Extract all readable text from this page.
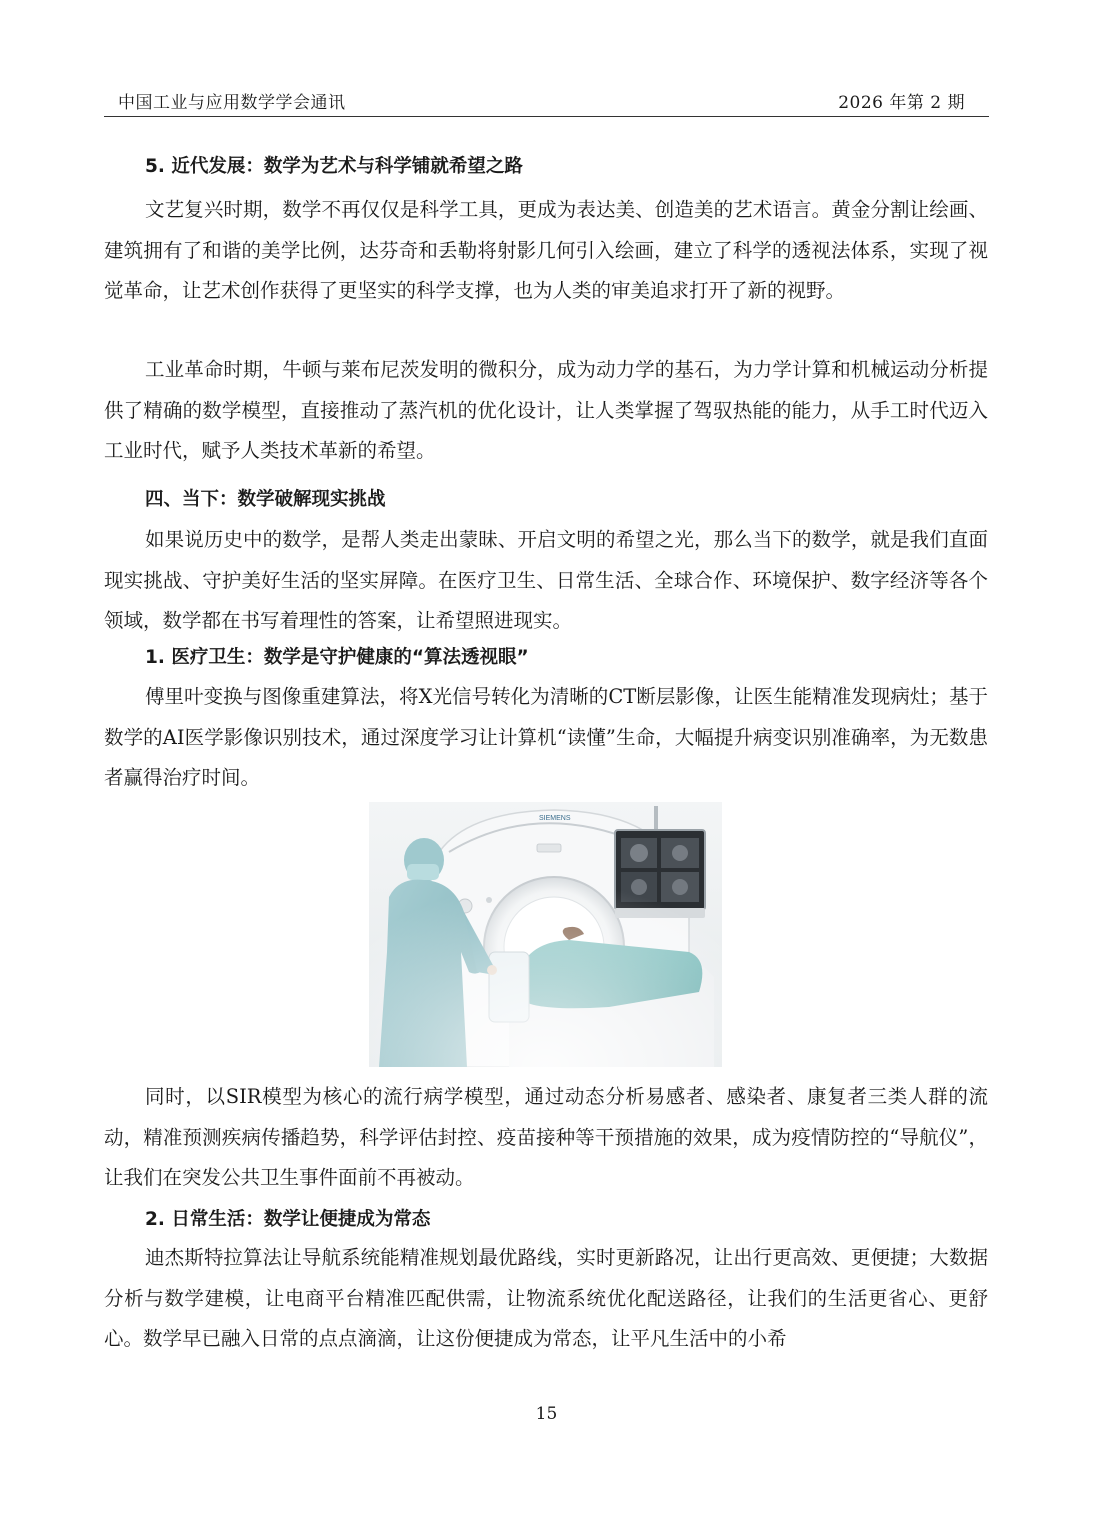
中国工业与应用数学学会通讯	2026 年第 2 期
5. 近代发展：数学为艺术与科学铺就希望之路

文艺复兴时期，数学不再仅仅是科学工具，更成为表达美、创造美的艺术语言。黄金分割让绘画、建筑拥有了和谐的美学比例，达芬奇和丢勒将射影几何引入绘画，建立了科学的透视法体系，实现了视觉革命，让艺术创作获得了更坚实的科学支撑，也为人类的审美追求打开了新的视野。

工业革命时期，牛顿与莱布尼茨发明的微积分，成为动力学的基石，为力学计算和机械运动分析提供了精确的数学模型，直接推动了蒸汽机的优化设计，让人类掌握了驾驭热能的能力，从手工时代迈入工业时代，赋予人类技术革新的希望。

四、当下：数学破解现实挑战

如果说历史中的数学，是帮人类走出蒙昧、开启文明的希望之光，那么当下的数学，就是我们直面现实挑战、守护美好生活的坚实屏障。在医疗卫生、日常生活、全球合作、环境保护、数字经济等各个领域，数学都在书写着理性的答案，让希望照进现实。

1. 医疗卫生：数学是守护健康的“算法透视眼”

傅里叶变换与图像重建算法，将X光信号转化为清晰的CT断层影像，让医生能精准发现病灶；基于数学的AI医学影像识别技术，通过深度学习让计算机“读懂”生命，大幅提升病变识别准确率，为无数患者赢得治疗时间。

同时，以SIR模型为核心的流行病学模型，通过动态分析易感者、感染者、康复者三类人群的流动，精准预测疾病传播趋势，科学评估封控、疫苗接种等干预措施的效果，成为疫情防控的“导航仪”，让我们在突发公共卫生事件面前不再被动。

2. 日常生活：数学让便捷成为常态

迪杰斯特拉算法让导航系统能精准规划最优路线，实时更新路况，让出行更高效、更便捷；大数据分析与数学建模，让电商平台精准匹配供需，让物流系统优化配送路径，让我们的生活更省心、更舒心。数学早已融入日常的点点滴滴，让这份便捷成为常态，让平凡生活中的小希

15
